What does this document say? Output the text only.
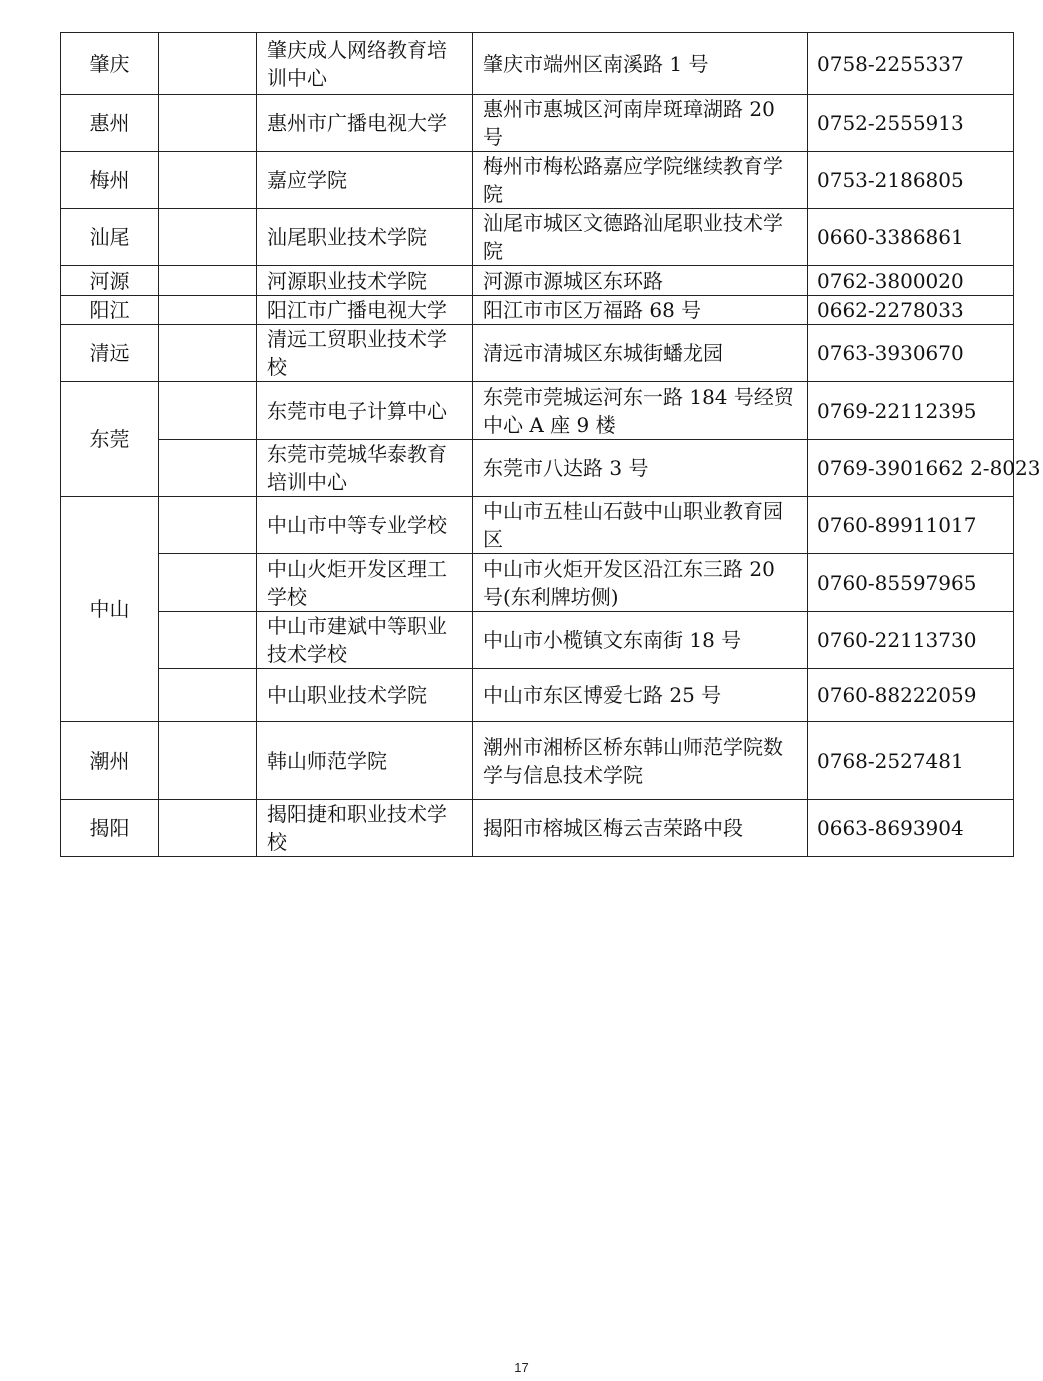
肇庆		肇庆成人网络教育培训中心	肇庆市端州区南溪路 1 号	0758-2255337
惠州		惠州市广播电视大学	惠州市惠城区河南岸斑璋湖路 20 号	0752-2555913
梅州		嘉应学院	梅州市梅松路嘉应学院继续教育学院	0753-2186805
汕尾		汕尾职业技术学院	汕尾市城区文德路汕尾职业技术学院	0660-3386861
河源		河源职业技术学院	河源市源城区东环路	0762-3800020
阳江		阳江市广播电视大学	阳江市市区万福路 68 号	0662-2278033
清远		清远工贸职业技术学校	清远市清城区东城街蟠龙园	0763-3930670
东莞		东莞市电子计算中心	东莞市莞城运河东一路 184 号经贸中心 A 座 9 楼	0769-22112395
		东莞市莞城华泰教育培训中心	东莞市八达路 3 号	0769-3901662 2-8023
中山		中山市中等专业学校	中山市五桂山石鼓中山职业教育园区	0760-89911017
		中山火炬开发区理工学校	中山市火炬开发区沿江东三路 20 号(东利牌坊侧)	0760-85597965
		中山市建斌中等职业技术学校	中山市小榄镇文东南街 18 号	0760-22113730
		中山职业技术学院	中山市东区博爱七路 25 号	0760-88222059
潮州		韩山师范学院	潮州市湘桥区桥东韩山师范学院数学与信息技术学院	0768-2527481
揭阳		揭阳捷和职业技术学校	揭阳市榕城区梅云吉荣路中段	0663-8693904
17
